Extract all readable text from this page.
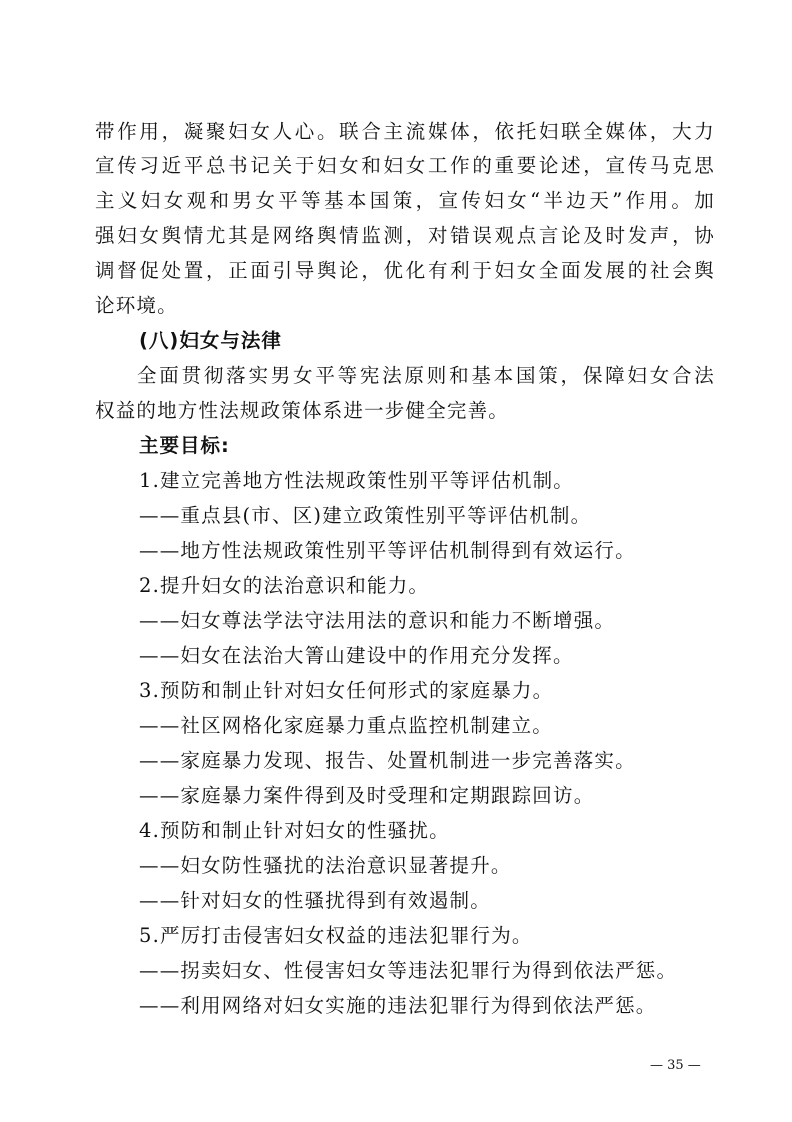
带作用，凝聚妇女人心。联合主流媒体，依托妇联全媒体，大力
宣传习近平总书记关于妇女和妇女工作的重要论述，宣传马克思
主义妇女观和男女平等基本国策，宣传妇女“半边天”作用。加
强妇女舆情尤其是网络舆情监测，对错误观点言论及时发声，协
调督促处置，正面引导舆论，优化有利于妇女全面发展的社会舆
论环境。
(八)妇女与法律
全面贯彻落实男女平等宪法原则和基本国策，保障妇女合法
权益的地方性法规政策体系进一步健全完善。
主要目标:
1.建立完善地方性法规政策性别平等评估机制。
——重点县(市、区)建立政策性别平等评估机制。
——地方性法规政策性别平等评估机制得到有效运行。
2.提升妇女的法治意识和能力。
——妇女尊法学法守法用法的意识和能力不断增强。
——妇女在法治大箐山建设中的作用充分发挥。
3.预防和制止针对妇女任何形式的家庭暴力。
——社区网格化家庭暴力重点监控机制建立。
——家庭暴力发现、报告、处置机制进一步完善落实。
——家庭暴力案件得到及时受理和定期跟踪回访。
4.预防和制止针对妇女的性骚扰。
——妇女防性骚扰的法治意识显著提升。
——针对妇女的性骚扰得到有效遏制。
5.严厉打击侵害妇女权益的违法犯罪行为。
——拐卖妇女、性侵害妇女等违法犯罪行为得到依法严惩。
——利用网络对妇女实施的违法犯罪行为得到依法严惩。
— 35 —
